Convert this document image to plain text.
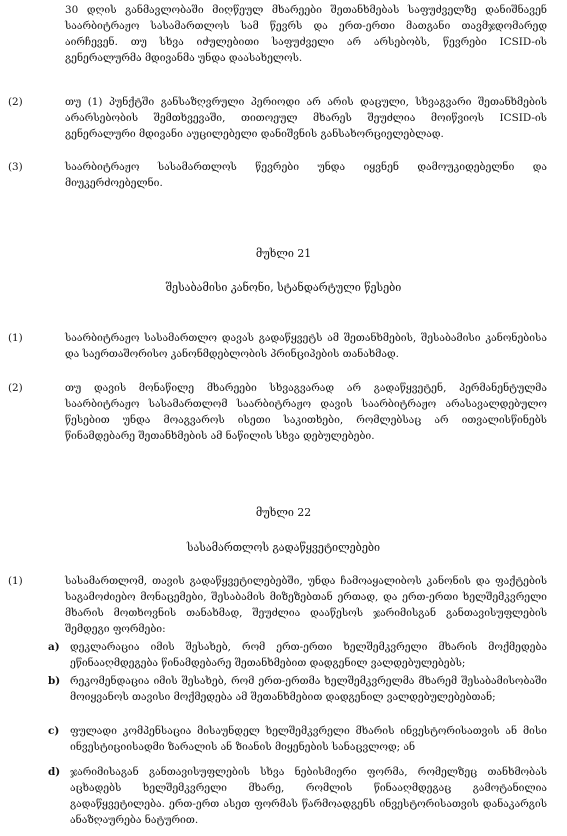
30 დღის განმავლობაში მიღწეულ მხარეები შეთანხმებას საფუძველზე დანიშნავენ საარბიტრაჟო სასამართლოს სამ წევრს და ერთ-ერთი მათგანი თავმჯდომარედ აირჩევენ. თუ სხვა იძულებითი საფუძველი არ არსებობს, წევრები ICSID-ის გენერალურმა მდივანმა უნდა დაასახელოს.
(2)	თუ (1) პუნქტში განსაზღვრული პერიოდი არ არის დაცული, სხვაგვარი შეთანხმების არარსებობის შემთხვევაში, თითოეულ მხარეს შეუძლია მოიწვიოს ICSID-ის გენერალური მდივანი აუცილებელი დანიშვნის განსახორციელებლად.
(3)	საარბიტრაჟო სასამართლოს წევრები უნდა იყვნენ დამოუკიდებელნი და მიუკერძოებელნი.
მუხლი 21
შესაბამისი კანონი, სტანდარტული წესები
(1)	საარბიტრაჟო სასამართლო დავას გადაწყვეტს ამ შეთანხმების, შესაბამისი კანონებისა და საერთაშორისო კანონმდებლობის პრინციპების თანახმად.
(2)	თუ დავის მონაწილე მხარეები სხვაგვარად არ გადაწყვეტენ, პერმანენტულმა საარბიტრაჟო სასამართლომ საარბიტრაჟო დავის საარბიტრაჟო არასავალდებულო წესებით უნდა მოაგვაროს ისეთი საკითხები, რომლებსაც არ ითვალისწინებს წინამდებარე შეთანხმების ამ ნაწილის სხვა დებულებები.
მუხლი 22
სასამართლოს გადაწყვეტილებები
(1)	სასამართლომ, თავის გადაწყვეტილებებში, უნდა ჩამოაყალიბოს კანონის და ფაქტების საგამოძიებო მონაცემები, შესაბამის მიზეზებთან ერთად, და ერთ-ერთი ხელშემკვრელი მხარის მოთხოვნის თანახმად, შეუძლია დააწესოს ჯარიმისგან განთავისუფლების შემდეგი ფორმები:
a) დეკლარაცია იმის შესახებ, რომ ერთ-ერთი ხელშემკვრელი მხარის მოქმედება ეწინააღმდეგება წინამდებარე შეთანხმებით დადგენილ ვალდებულებებს;
b) რეკომენდაცია იმის შესახებ, რომ ერთ-ერთმა ხელშემკვრელმა მხარემ შესაბამისობაში მოიყვანოს თავისი მოქმედება ამ შეთანხმებით დადგენილ ვალდებულებებთან;
c) ფულადი კომპენსაცია მისაუნდელ ხელშემკვრელი მხარის ინვესტორისათვის ან მისი ინვესტიციისადმი ზარალის ან ზიანის მიყენების სანაცვლოდ; ან
d) ჯარიმისაგან განთავისუფლების სხვა ნებისმიერი ფორმა, რომელზეც თანხმობას აცხადებს ხელშემკვრელი მხარე, რომლის წინააღმდეგაც გამოტანილია გადაწყვეტილება. ერთ-ერთ ასეთ ფორმას წარმოადგენს ინვესტორისათვის დანაკარგის ანაზღაურება ნატურით.
